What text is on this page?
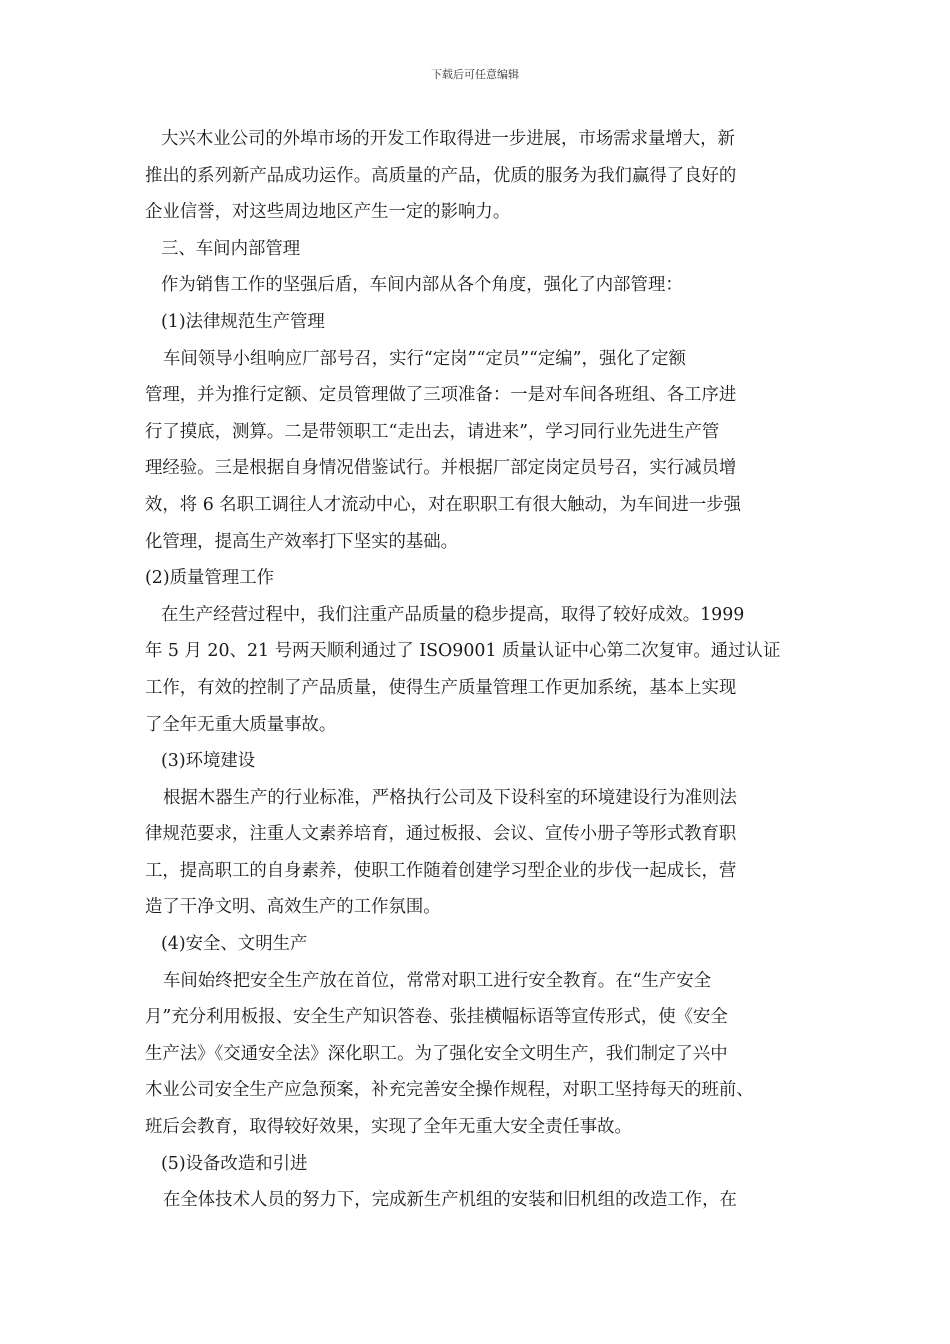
下载后可任意编辑
大兴木业公司的外埠市场的开发工作取得进一步进展，市场需求量增大，新
推出的系列新产品成功运作。高质量的产品，优质的服务为我们赢得了良好的
企业信誉，对这些周边地区产生一定的影响力。
三、车间内部管理
作为销售工作的坚强后盾，车间内部从各个角度，强化了内部管理：
(1)法律规范生产管理
车间领导小组响应厂部号召，实行“定岗”“定员”“定编”，强化了定额
管理，并为推行定额、定员管理做了三项准备：一是对车间各班组、各工序进
行了摸底，测算。二是带领职工“走出去，请进来”，学习同行业先进生产管
理经验。三是根据自身情况借鉴试行。并根据厂部定岗定员号召，实行减员增
效，将 6 名职工调往人才流动中心，对在职职工有很大触动，为车间进一步强
化管理，提高生产效率打下坚实的基础。
(2)质量管理工作
在生产经营过程中，我们注重产品质量的稳步提高，取得了较好成效。1999
年 5 月 20、21 号两天顺利通过了 ISO9001 质量认证中心第二次复审。通过认证
工作，有效的控制了产品质量，使得生产质量管理工作更加系统，基本上实现
了全年无重大质量事故。
(3)环境建设
根据木器生产的行业标准，严格执行公司及下设科室的环境建设行为准则法
律规范要求，注重人文素养培育，通过板报、会议、宣传小册子等形式教育职
工，提高职工的自身素养，使职工作随着创建学习型企业的步伐一起成长，营
造了干净文明、高效生产的工作氛围。
(4)安全、文明生产
车间始终把安全生产放在首位，常常对职工进行安全教育。在“生产安全
月”充分利用板报、安全生产知识答卷、张挂横幅标语等宣传形式，使《安全
生产法》《交通安全法》深化职工。为了强化安全文明生产，我们制定了兴中
木业公司安全生产应急预案，补充完善安全操作规程，对职工坚持每天的班前、
班后会教育，取得较好效果，实现了全年无重大安全责任事故。
(5)设备改造和引进
在全体技术人员的努力下，完成新生产机组的安装和旧机组的改造工作，在
